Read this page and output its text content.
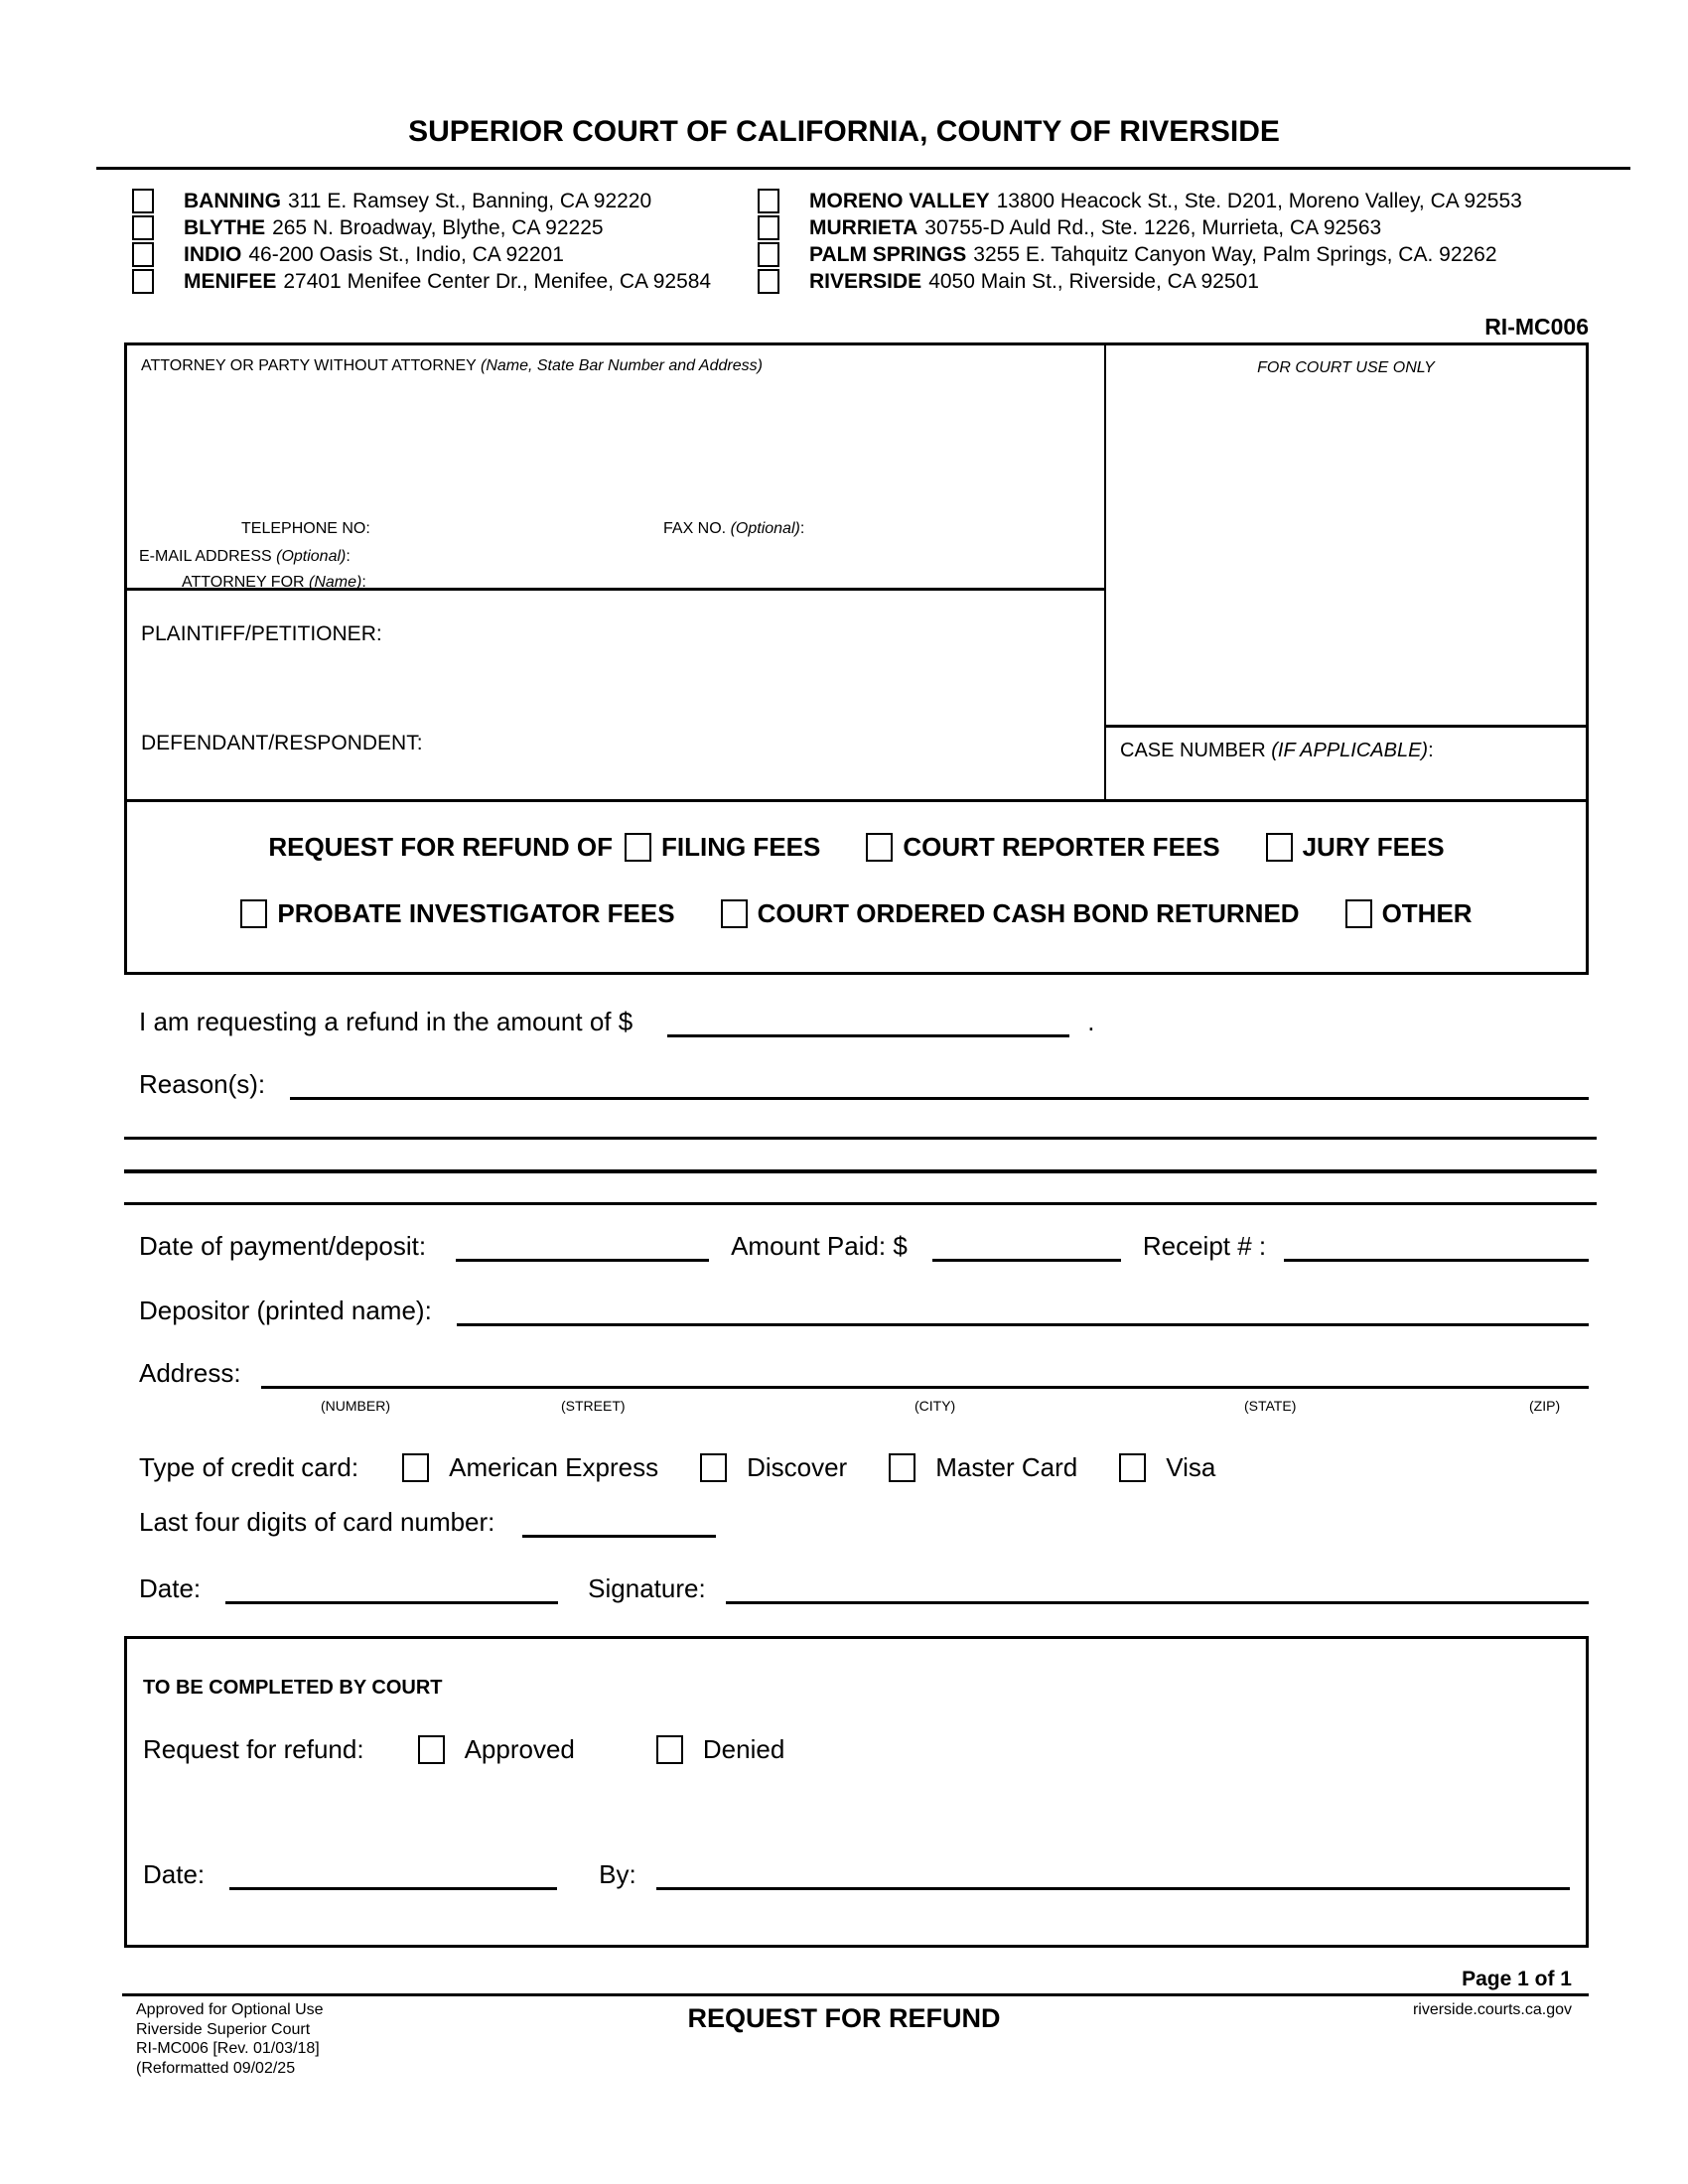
SUPERIOR COURT OF CALIFORNIA, COUNTY OF RIVERSIDE
BANNING 311 E. Ramsey St., Banning, CA 92220
BLYTHE 265 N. Broadway, Blythe, CA 92225
INDIO 46-200 Oasis St., Indio, CA 92201
MENIFEE 27401 Menifee Center Dr., Menifee, CA 92584
MORENO VALLEY 13800 Heacock St., Ste. D201, Moreno Valley, CA 92553
MURRIETA 30755-D Auld Rd., Ste. 1226, Murrieta, CA 92563
PALM SPRINGS 3255 E. Tahquitz Canyon Way, Palm Springs, CA. 92262
RIVERSIDE 4050 Main St., Riverside, CA 92501
RI-MC006
ATTORNEY OR PARTY WITHOUT ATTORNEY (Name, State Bar Number and Address)
TELEPHONE NO:	FAX NO. (Optional):
E-MAIL ADDRESS (Optional):
ATTORNEY FOR (Name):
PLAINTIFF/PETITIONER:
DEFENDANT/RESPONDENT:
FOR COURT USE ONLY
CASE NUMBER (IF APPLICABLE):
REQUEST FOR REFUND OF FILING FEES	COURT REPORTER FEES	JURY FEES
PROBATE INVESTIGATOR FEES	COURT ORDERED CASH BOND RETURNED	OTHER
I am requesting a refund in the amount of $	.
Reason(s):
Date of payment/deposit:	Amount Paid: $	Receipt # :
Depositor (printed name):
Address:
(NUMBER)	(STREET)	(CITY)	(STATE)	(ZIP)
Type of credit card:	American Express	Discover	Master Card	Visa
Last four digits of card number:
Date:	Signature:
TO BE COMPLETED BY COURT
Request for refund:	Approved	Denied
Date:	By:
Page 1 of 1
Approved for Optional Use
Riverside Superior Court
RI-MC006 [Rev. 01/03/18]
(Reformatted 09/02/25
REQUEST FOR REFUND	riverside.courts.ca.gov
